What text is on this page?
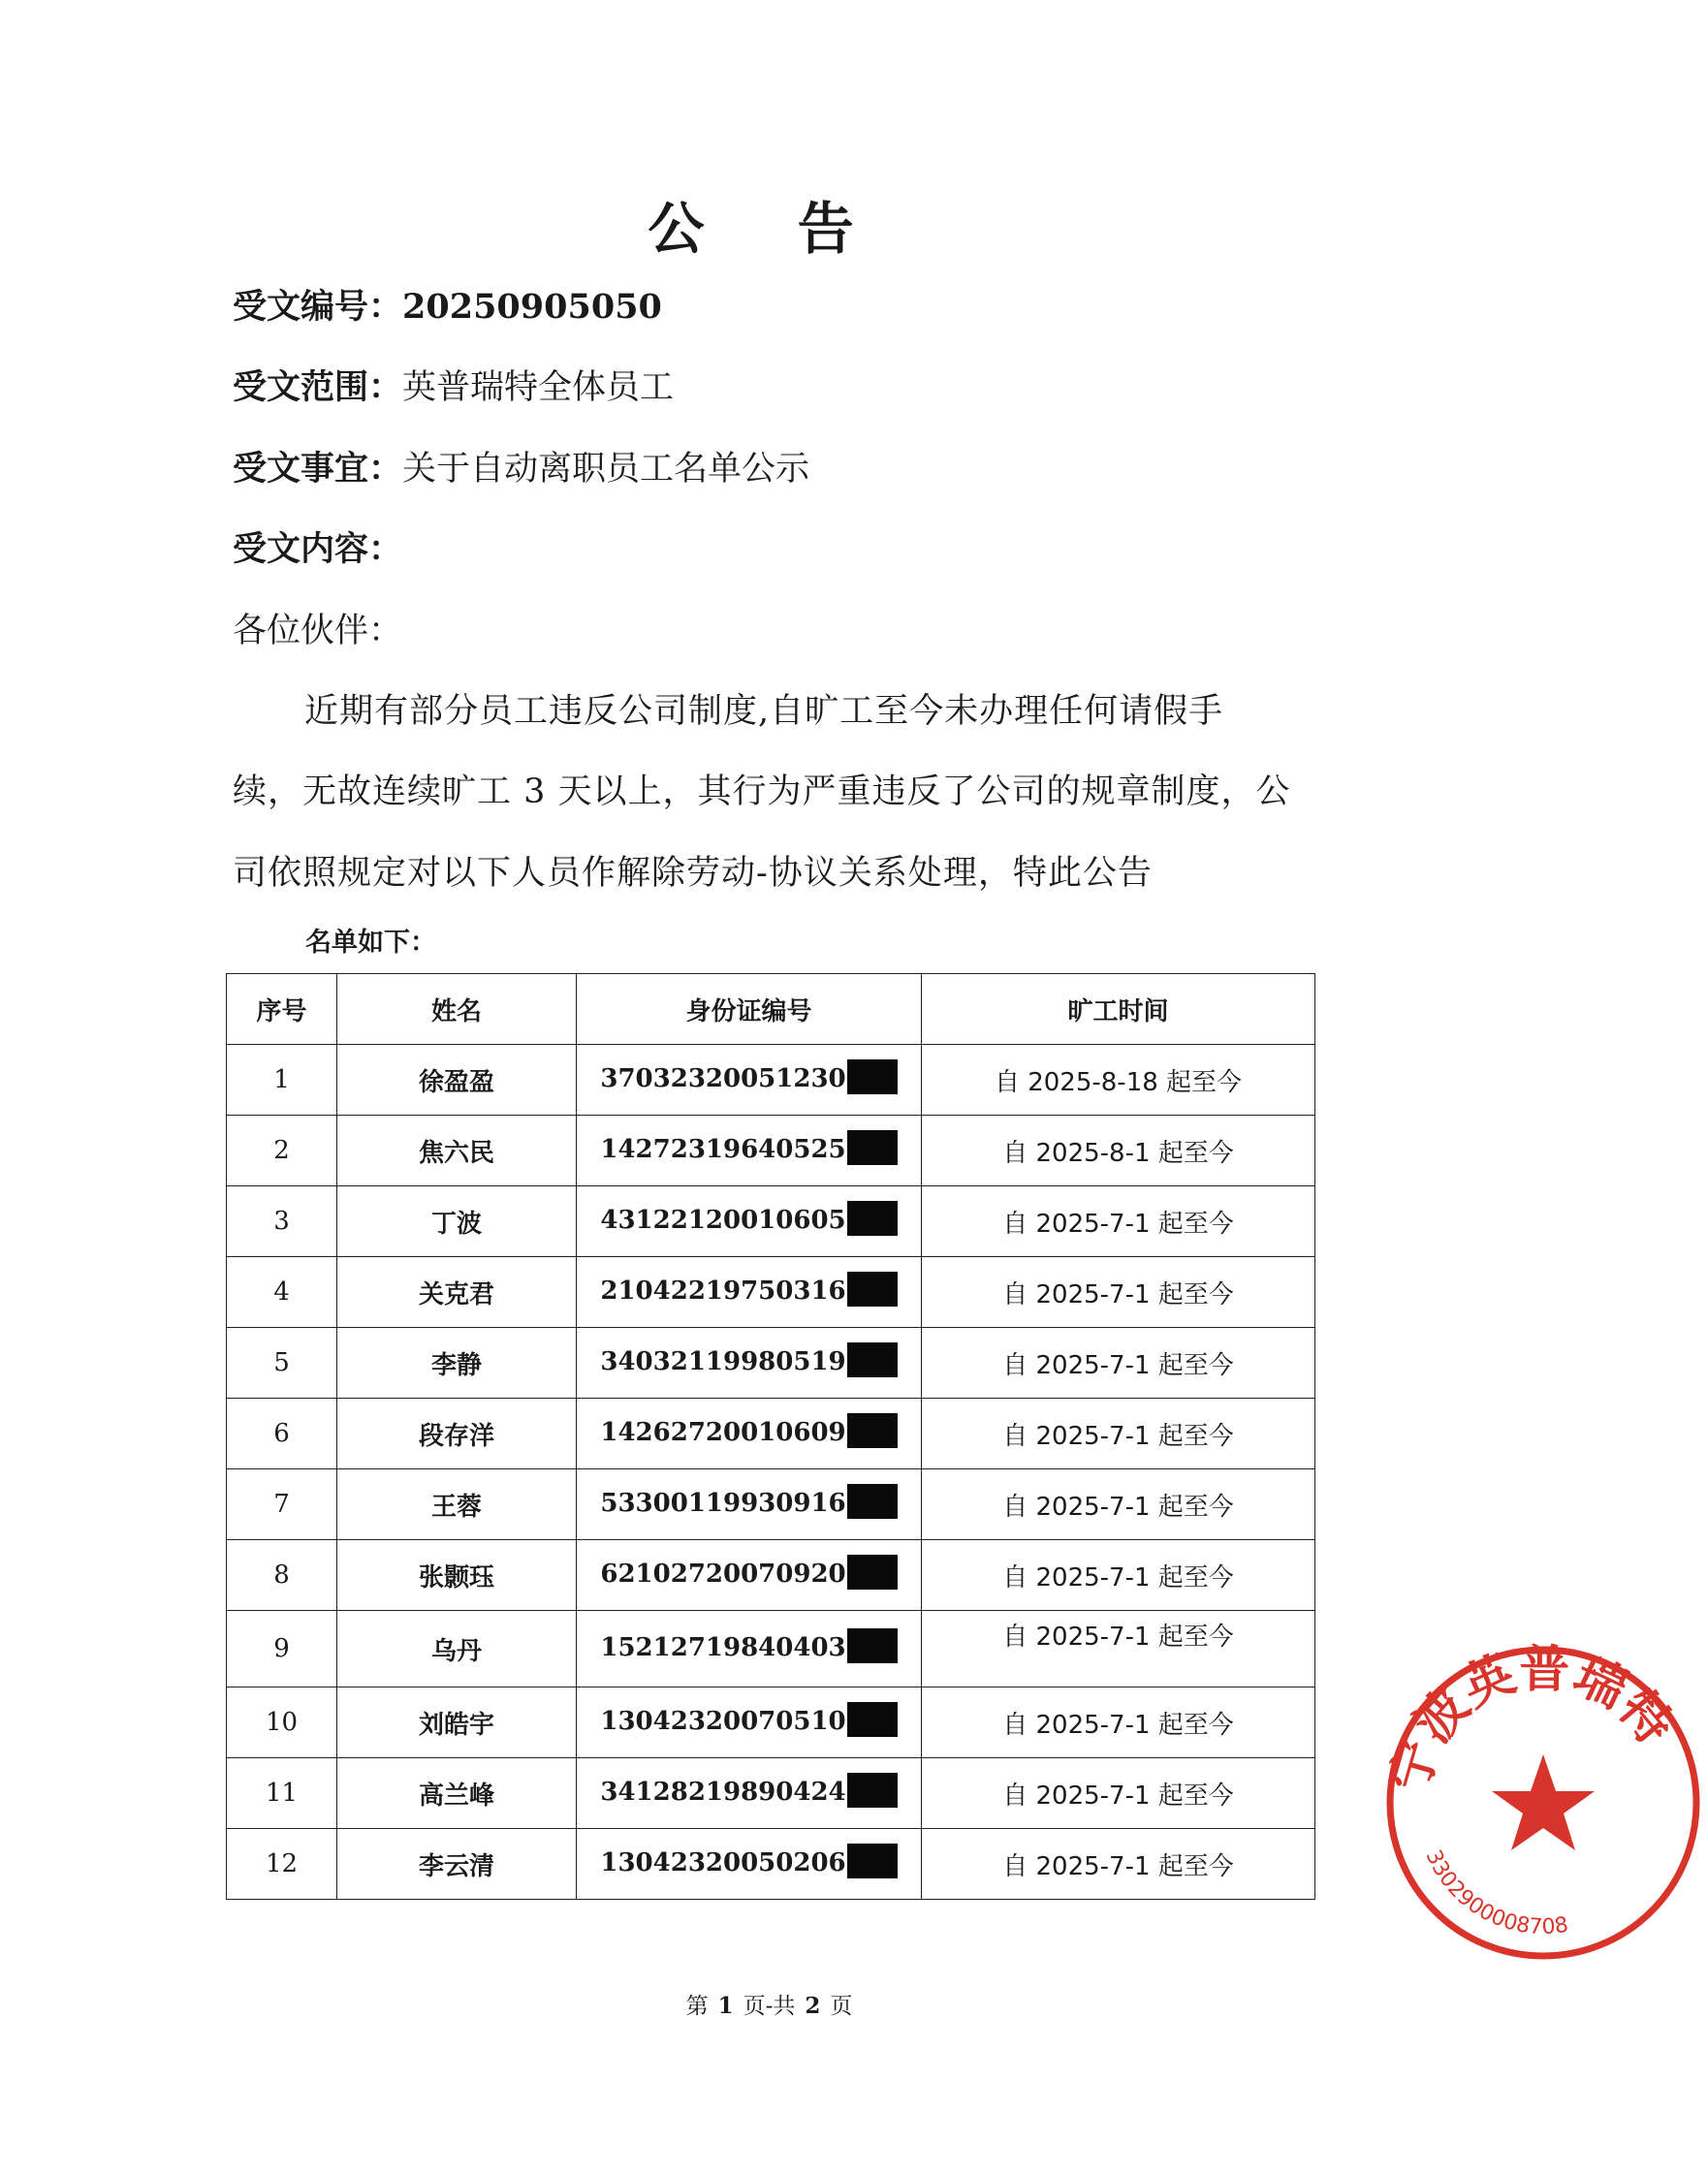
公 告
受文编号：20250905050
受文范围：英普瑞特全体员工
受文事宜：关于自动离职员工名单公示
受文内容：
各位伙伴：
近期有部分员工违反公司制度,自旷工至今未办理任何请假手
续，无故连续旷工 3 天以上，其行为严重违反了公司的规章制度，公
司依照规定对以下人员作解除劳动-协议关系处理，特此公告
名单如下：
序号	姓名	身份证编号	旷工时间
1	徐盈盈	37032320051230	自 2025-8-18 起至今
2	焦六民	14272319640525	自 2025-8-1 起至今
3	丁波	43122120010605	自 2025-7-1 起至今
4	关克君	21042219750316	自 2025-7-1 起至今
5	李静	34032119980519	自 2025-7-1 起至今
6	段存洋	14262720010609	自 2025-7-1 起至今
7	王蓉	53300119930916	自 2025-7-1 起至今
8	张颢珏	62102720070920	自 2025-7-1 起至今
9	乌丹	15212719840403	自 2025-7-1 起至今
10	刘皓宇	13042320070510	自 2025-7-1 起至今
11	高兰峰	34128219890424	自 2025-7-1 起至今
12	李云清	13042320050206	自 2025-7-1 起至今
第 1 页-共 2 页
宁波英普瑞特
3302900008708
